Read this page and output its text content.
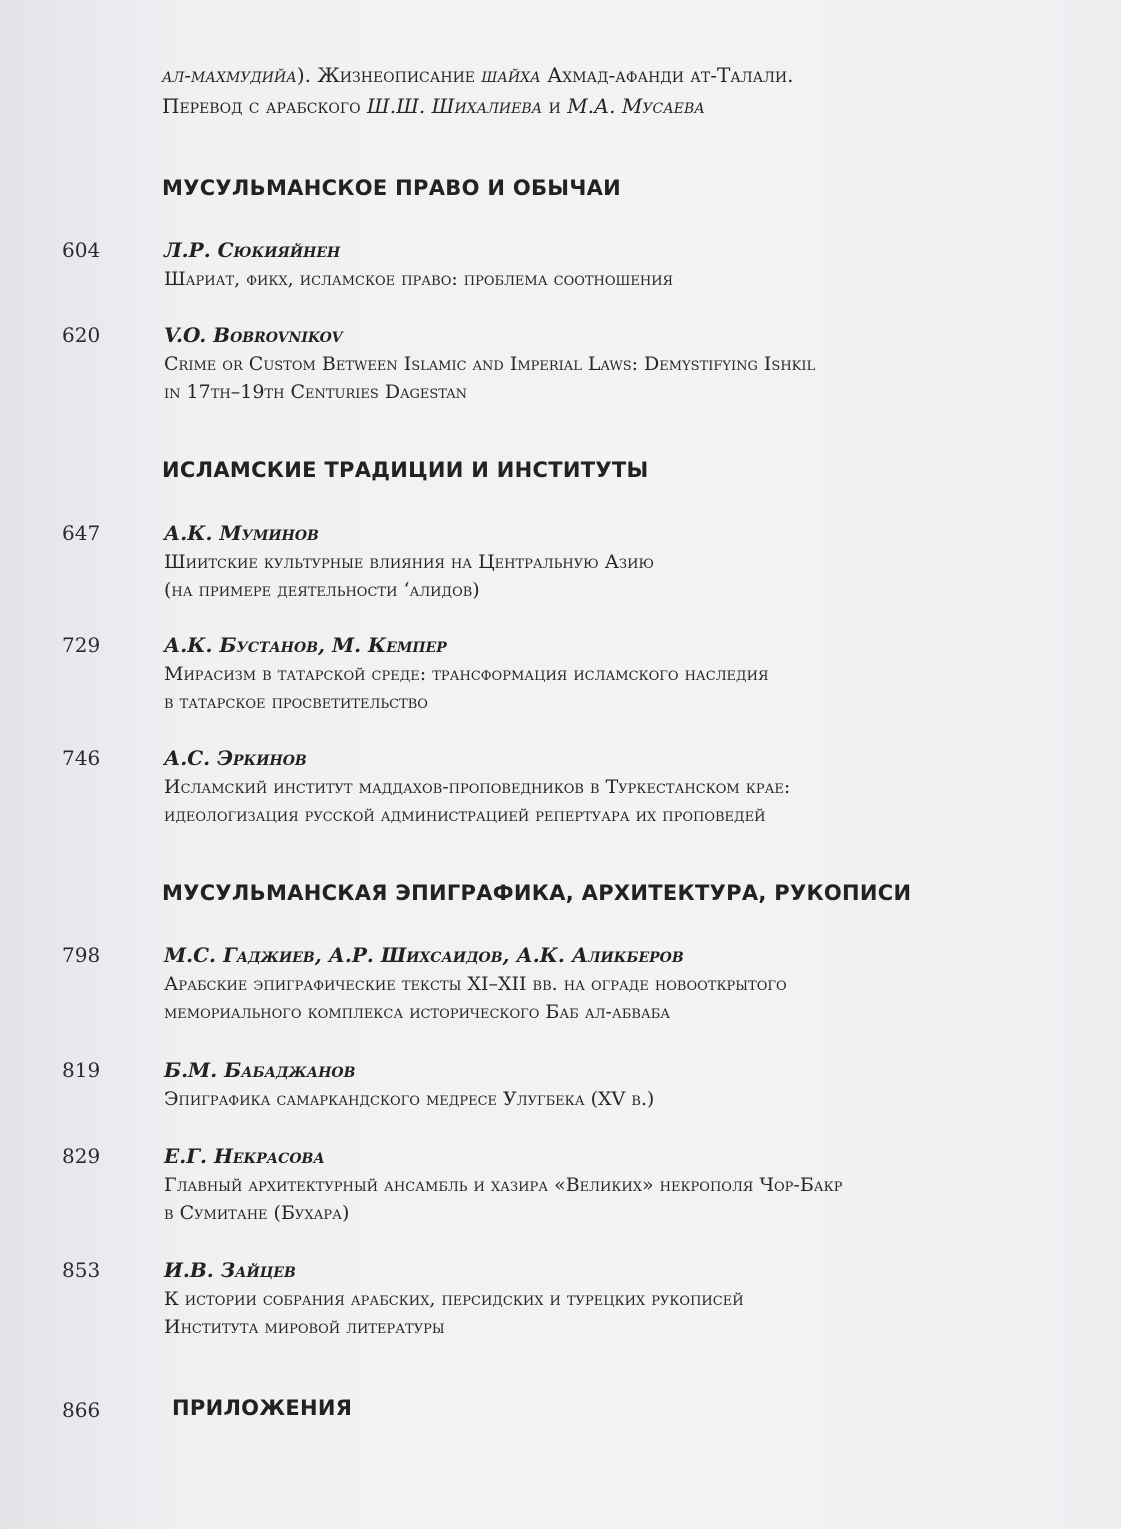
ал-махмудийа). Жизнеописание шайха Ахмад-афанди ат-Талали.
Перевод с арабского Ш.Ш. Шихалиева и М.А. Мусаева
МУСУЛЬМАНСКОЕ ПРАВО И ОБЫЧАИ
604	Л.Р. Сюкияйнен
Шариат, фикх, исламское право: проблема соотношения
620	V.O. Bobrovnikov
Crime or Custom Between Islamic and Imperial Laws: Demystifying Ishkil
in 17th–19th Centuries Dagestan
ИСЛАМСКИЕ ТРАДИЦИИ И ИНСТИТУТЫ
647	А.К. Муминов
Шиитские культурные влияния на Центральную Азию
(на примере деятельности ʻалидов)
729	А.К. Бустанов, М. Кемпер
Мирасизм в татарской среде: трансформация исламского наследия
в татарское просветительство
746	А.С. Эркинов
Исламский институт маддахов-проповедников в Туркестанском крае:
идеологизация русской администрацией репертуара их проповедей
МУСУЛЬМАНСКАЯ ЭПИГРАФИКА, АРХИТЕКТУРА, РУКОПИСИ
798	М.С. Гаджиев, А.Р. Шихсаидов, А.К. Аликберов
Арабские эпиграфические тексты XI–XII вв. на ограде новооткрытого
мемориального комплекса исторического Баб ал-абваба
819	Б.М. Бабаджанов
Эпиграфика самаркандского медресе Улугбека (XV в.)
829	Е.Г. Некрасова
Главный архитектурный ансамбль и хазира «Великих» некрополя Чор-Бакр
в Сумитане (Бухара)
853	И.В. Зайцев
К истории собрания арабских, персидских и турецких рукописей
Института мировой литературы
866	ПРИЛОЖЕНИЯ
